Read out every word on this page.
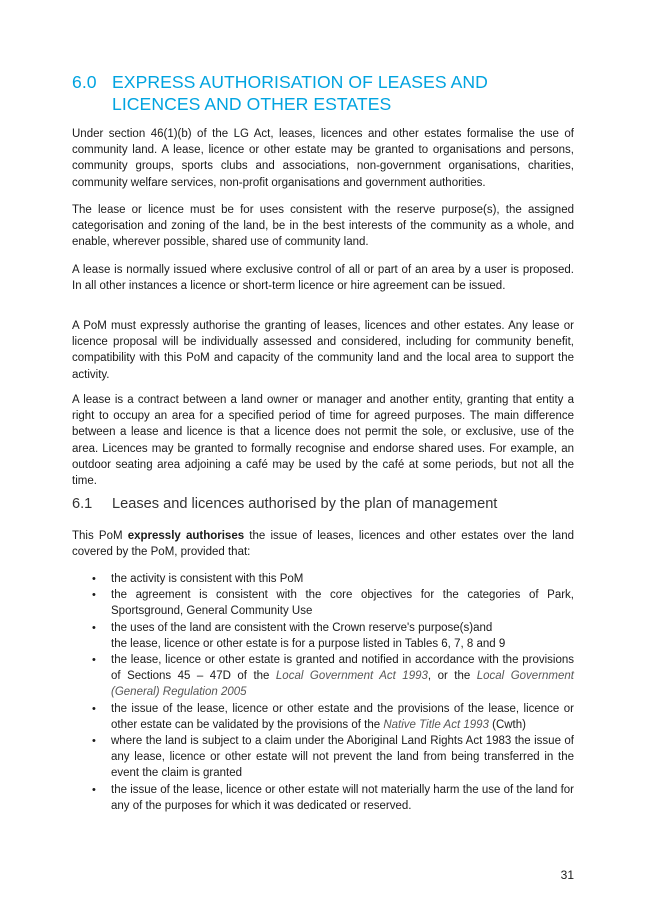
6.0 EXPRESS AUTHORISATION OF LEASES AND LICENCES AND OTHER ESTATES

Under section 46(1)(b) of the LG Act, leases, licences and other estates formalise the use of community land. A lease, licence or other estate may be granted to organisations and persons, community groups, sports clubs and associations, non-government organisations, charities, community welfare services, non-profit organisations and government authorities.

The lease or licence must be for uses consistent with the reserve purpose(s), the assigned categorisation and zoning of the land, be in the best interests of the community as a whole, and enable, wherever possible, shared use of community land.

A lease is normally issued where exclusive control of all or part of an area by a user is proposed. In all other instances a licence or short-term licence or hire agreement can be issued.

A PoM must expressly authorise the granting of leases, licences and other estates. Any lease or licence proposal will be individually assessed and considered, including for community benefit, compatibility with this PoM and capacity of the community land and the local area to support the activity.

A lease is a contract between a land owner or manager and another entity, granting that entity a right to occupy an area for a specified period of time for agreed purposes. The main difference between a lease and licence is that a licence does not permit the sole, or exclusive, use of the area. Licences may be granted to formally recognise and endorse shared uses. For example, an outdoor seating area adjoining a café may be used by the café at some periods, but not all the time.

6.1	Leases and licences authorised by the plan of management

This PoM expressly authorises the issue of leases, licences and other estates over the land covered by the PoM, provided that:

• the activity is consistent with this PoM
• the agreement is consistent with the core objectives for the categories of Park, Sportsground, General Community Use
• the uses of the land are consistent with the Crown reserve's purpose(s)and
the lease, licence or other estate is for a purpose listed in Tables 6, 7, 8 and 9
• the lease, licence or other estate is granted and notified in accordance with the provisions of Sections 45 – 47D of the Local Government Act 1993, or the Local Government (General) Regulation 2005
• the issue of the lease, licence or other estate and the provisions of the lease, licence or other estate can be validated by the provisions of the Native Title Act 1993 (Cwth)
• where the land is subject to a claim under the Aboriginal Land Rights Act 1983 the issue of any lease, licence or other estate will not prevent the land from being transferred in the event the claim is granted
• the issue of the lease, licence or other estate will not materially harm the use of the land for any of the purposes for which it was dedicated or reserved.
31
